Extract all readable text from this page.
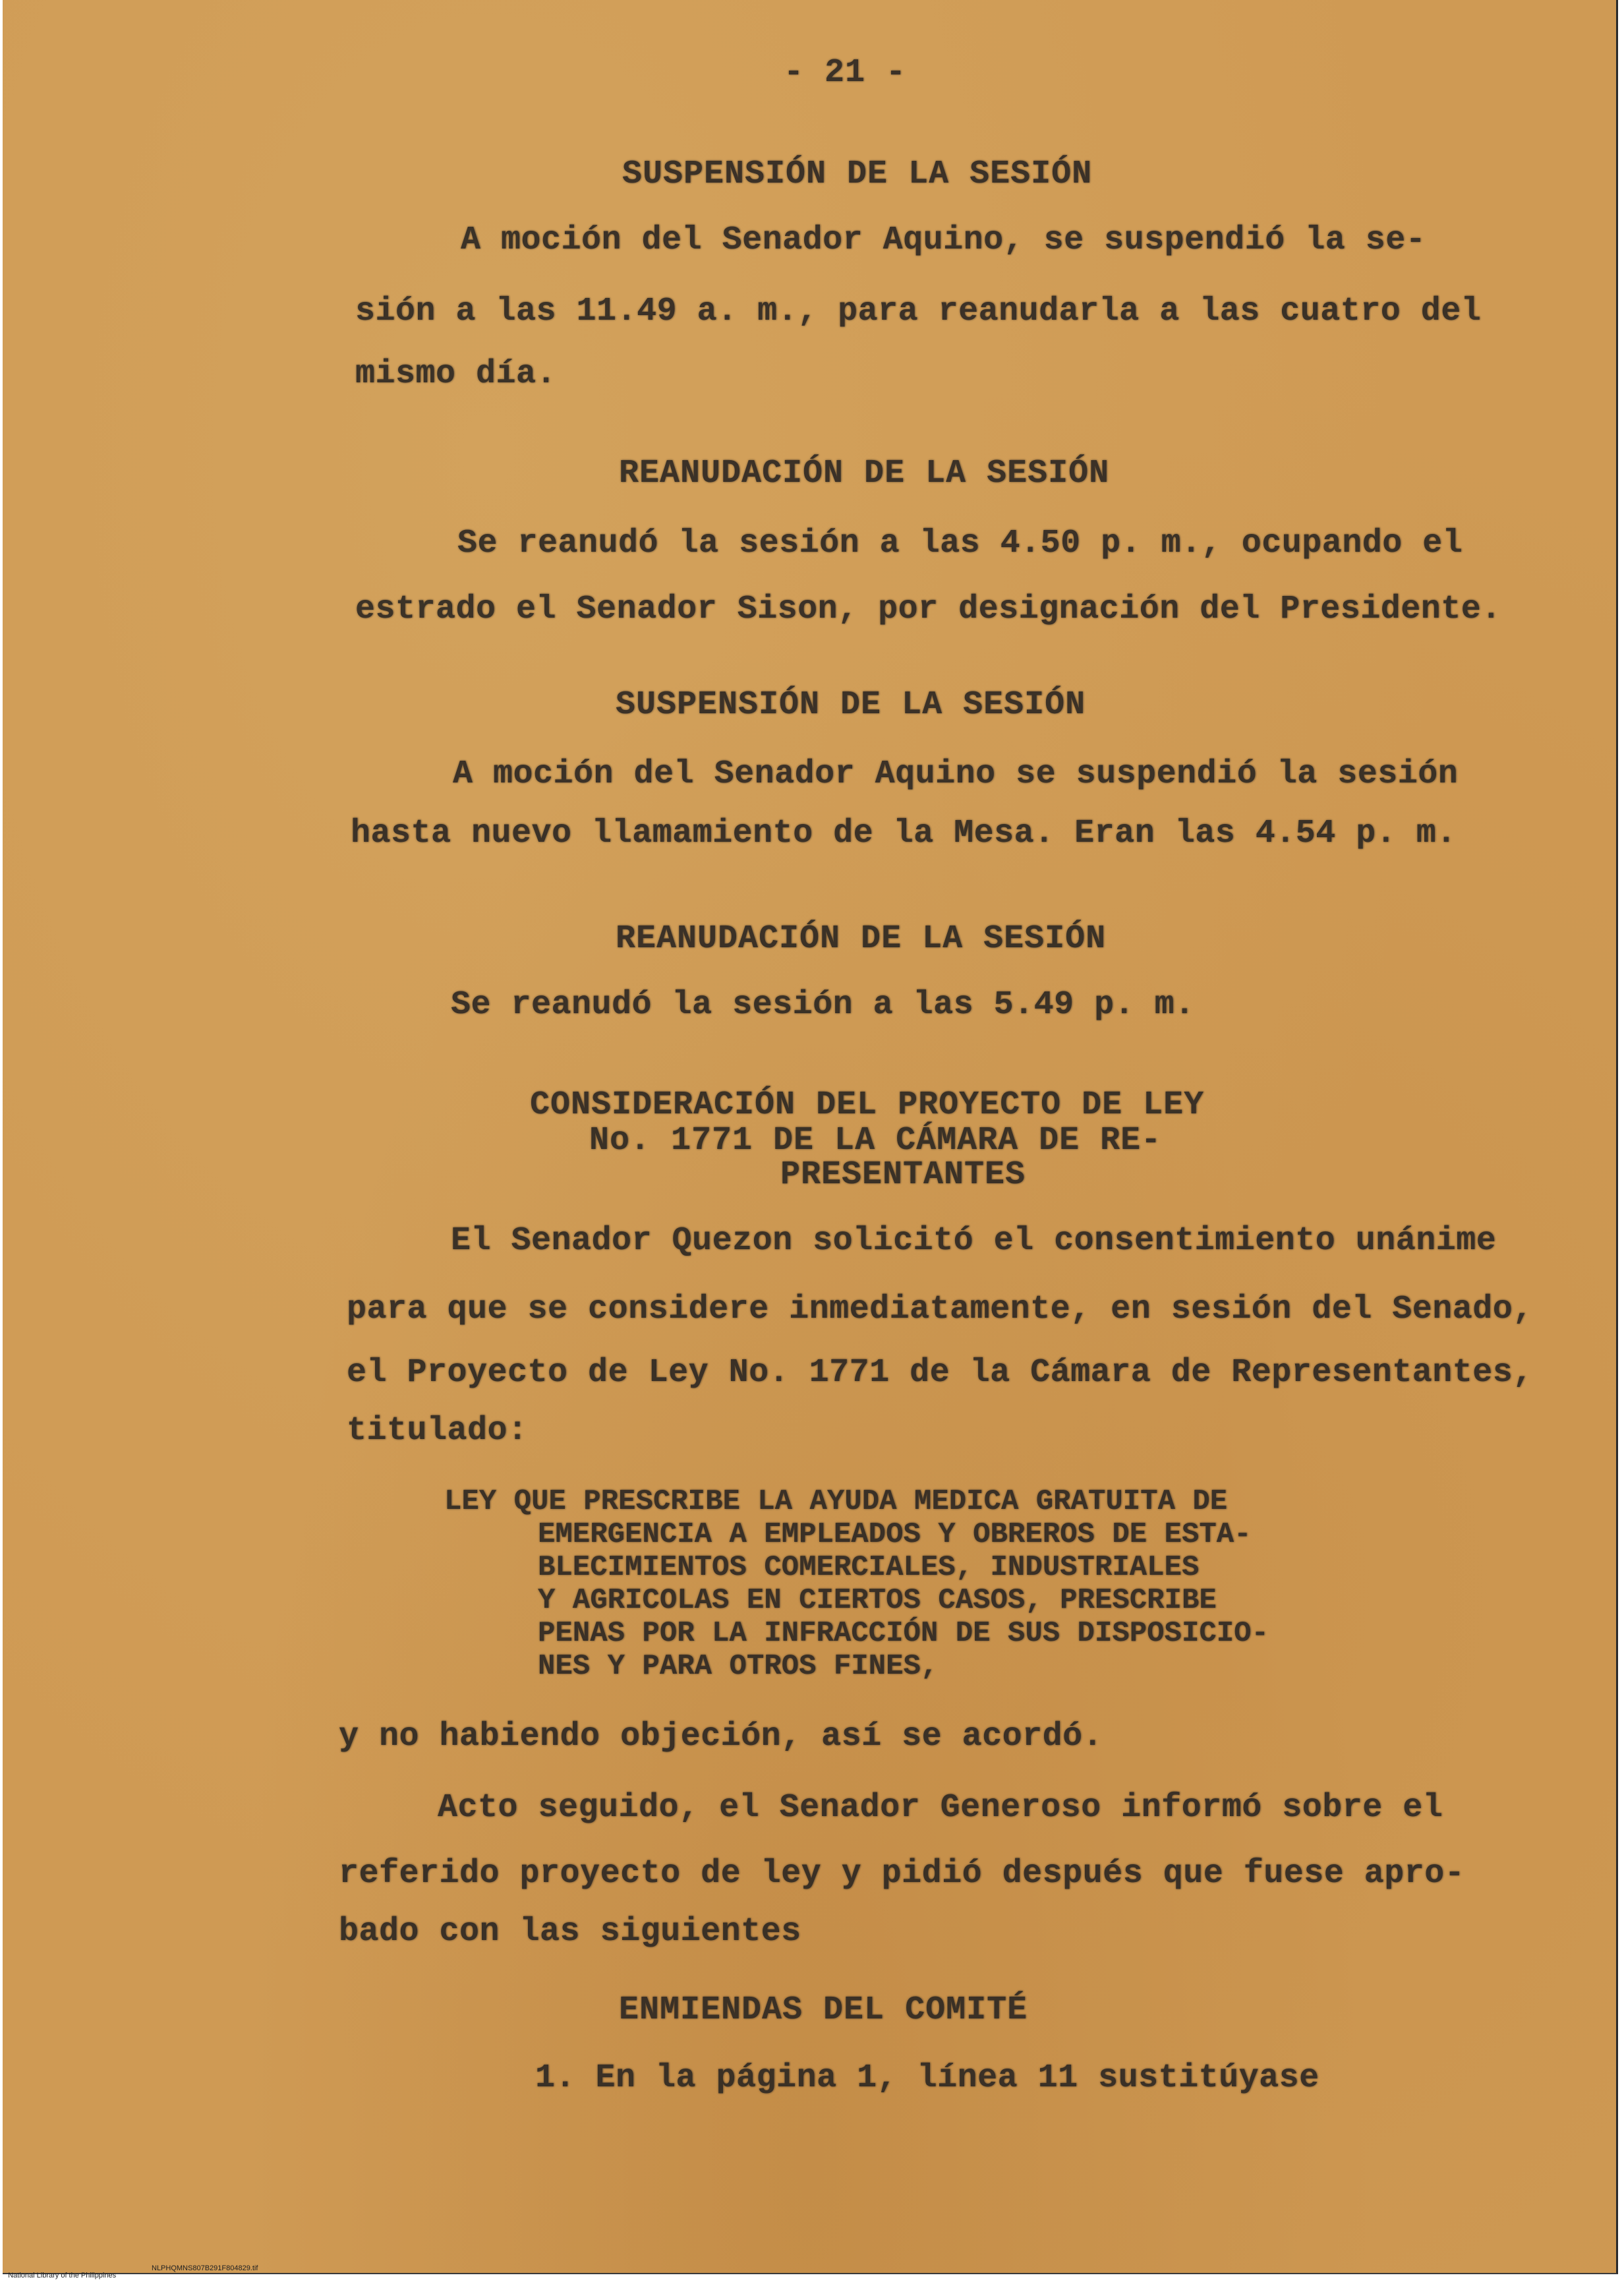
- 21 -
SUSPENSIÓN DE LA SESIÓN
A moción del Senador Aquino, se suspendió la se-
sión a las 11.49 a. m., para reanudarla a las cuatro del
mismo día.
REANUDACIÓN DE LA SESIÓN
Se reanudó la sesión a las 4.50 p. m., ocupando el
estrado el Senador Sison, por designación del Presidente.
SUSPENSIÓN DE LA SESIÓN
A moción del Senador Aquino se suspendió la sesión
hasta nuevo llamamiento de la Mesa. Eran las 4.54 p. m.
REANUDACIÓN DE LA SESIÓN
Se reanudó la sesión a las 5.49 p. m.
CONSIDERACIÓN DEL PROYECTO DE LEY
No. 1771 DE LA CÁMARA DE RE-
PRESENTANTES
El Senador Quezon solicitó el consentimiento unánime
para que se considere inmediatamente, en sesión del Senado,
el Proyecto de Ley No. 1771 de la Cámara de Representantes,
titulado:
LEY QUE PRESCRIBE LA AYUDA MEDICA GRATUITA DE
EMERGENCIA A EMPLEADOS Y OBREROS DE ESTA-
BLECIMIENTOS COMERCIALES, INDUSTRIALES
Y AGRICOLAS EN CIERTOS CASOS, PRESCRIBE
PENAS POR LA INFRACCIÓN DE SUS DISPOSICIO-
NES Y PARA OTROS FINES,
y no habiendo objeción, así se acordó.
Acto seguido, el Senador Generoso informó sobre el
referido proyecto de ley y pidió después que fuese apro-
bado con las siguientes
ENMIENDAS DEL COMITÉ
1. En la página 1, línea 11 sustitúyase

National Library of the Philippines

NLPHQMNS807B291F804829.tif
